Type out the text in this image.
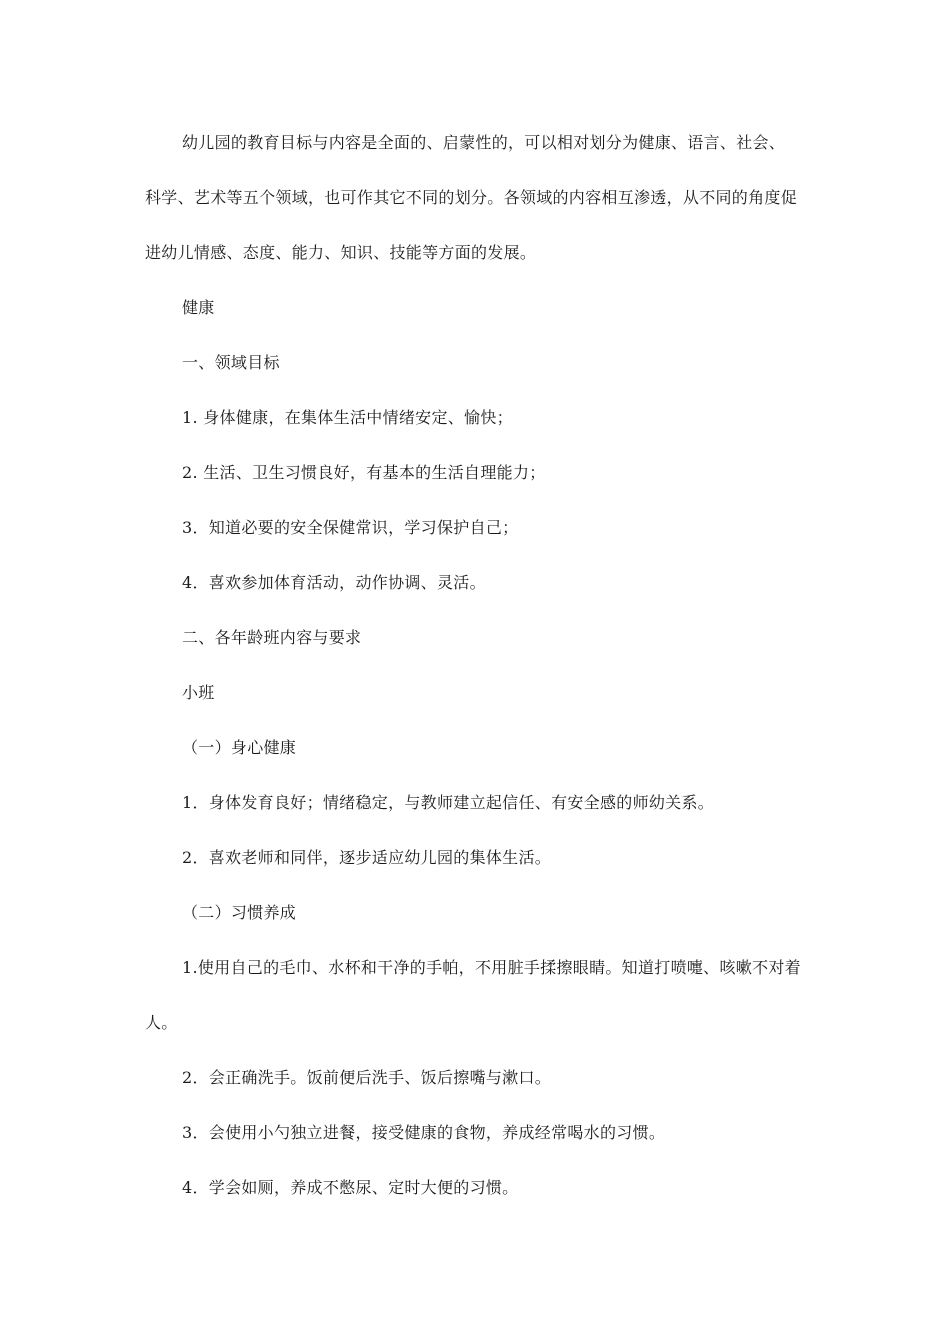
幼儿园的教育目标与内容是全面的、启蒙性的，可以相对划分为健康、语言、社会、

科学、艺术等五个领域，也可作其它不同的划分。各领域的内容相互渗透，从不同的角度促

进幼儿情感、态度、能力、知识、技能等方面的发展。

健康

一、领域目标

1. 身体健康，在集体生活中情绪安定、愉快；

2. 生活、卫生习惯良好，有基本的生活自理能力；

3．知道必要的安全保健常识，学习保护自己；

4．喜欢参加体育活动，动作协调、灵活。

二、各年龄班内容与要求

小班

（一）身心健康

1．身体发育良好；情绪稳定，与教师建立起信任、有安全感的师幼关系。

2．喜欢老师和同伴，逐步适应幼儿园的集体生活。

（二）习惯养成

1.使用自己的毛巾、水杯和干净的手帕，不用脏手揉擦眼睛。知道打喷嚏、咳嗽不对着

人。

2．会正确洗手。饭前便后洗手、饭后擦嘴与漱口。

3．会使用小勺独立进餐，接受健康的食物，养成经常喝水的习惯。

4．学会如厕，养成不憋尿、定时大便的习惯。
